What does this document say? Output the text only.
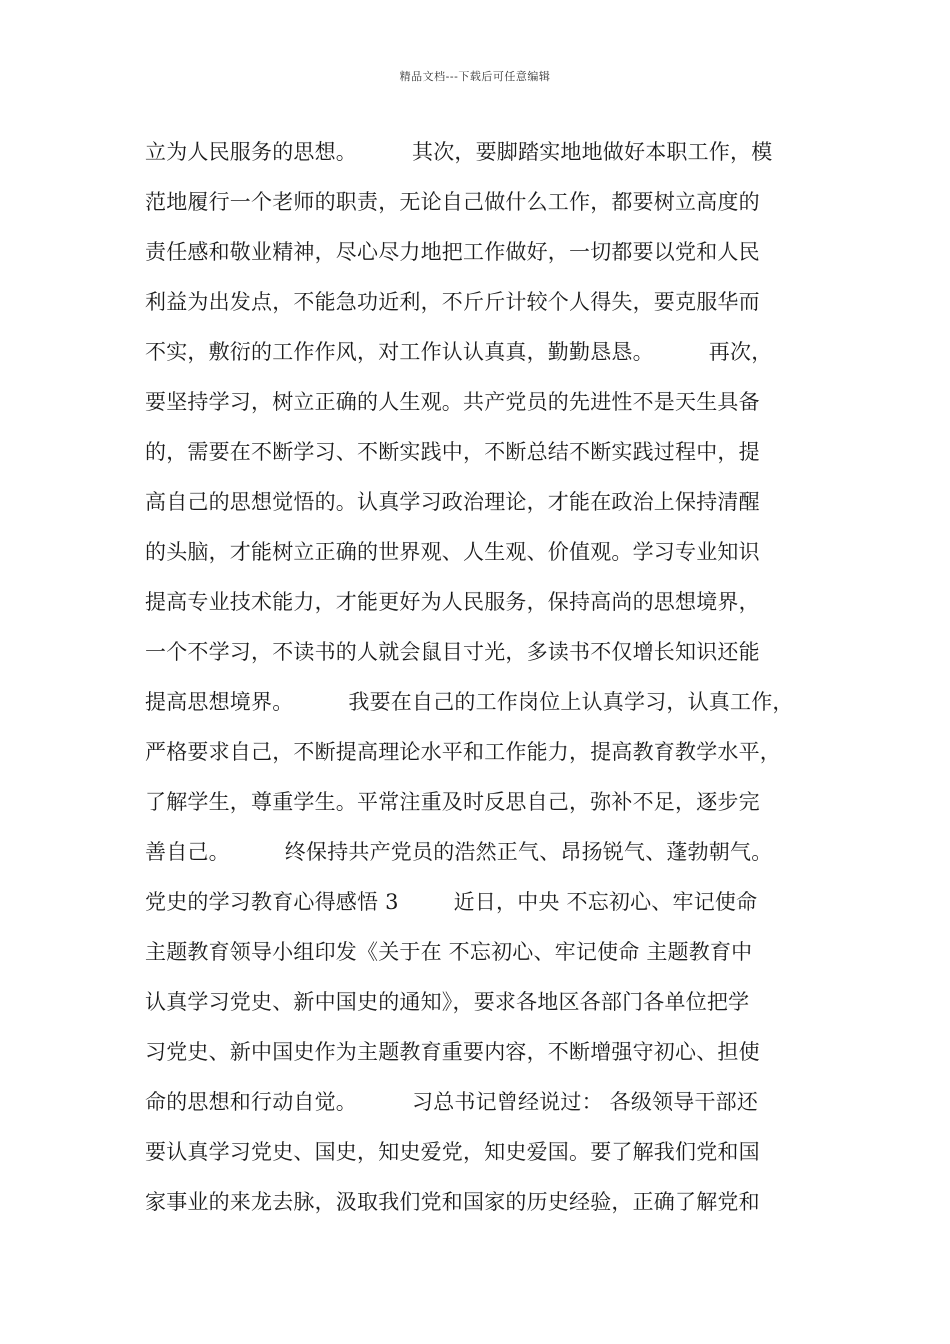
精品文档---下载后可任意编辑
立为人民服务的思想。        其次，要脚踏实地地做好本职工作，模
范地履行一个老师的职责，无论自己做什么工作，都要树立高度的
责任感和敬业精神，尽心尽力地把工作做好，一切都要以党和人民
利益为出发点，不能急功近利，不斤斤计较个人得失，要克服华而
不实，敷衍的工作作风，对工作认认真真，勤勤恳恳。        再次，
要坚持学习，树立正确的人生观。共产党员的先进性不是天生具备
的，需要在不断学习、不断实践中，不断总结不断实践过程中，提
高自己的思想觉悟的。认真学习政治理论，才能在政治上保持清醒
的头脑，才能树立正确的世界观、人生观、价值观。学习专业知识
提高专业技术能力，才能更好为人民服务，保持高尚的思想境界，
一个不学习，不读书的人就会鼠目寸光，多读书不仅增长知识还能
提高思想境界。        我要在自己的工作岗位上认真学习，认真工作，
严格要求自己，不断提高理论水平和工作能力，提高教育教学水平，
了解学生，尊重学生。平常注重及时反思自己，弥补不足，逐步完
善自己。        终保持共产党员的浩然正气、昂扬锐气、蓬勃朝气。
党史的学习教育心得感悟 3        近日，中央 不忘初心、牢记使命
主题教育领导小组印发《关于在 不忘初心、牢记使命 主题教育中
认真学习党史、新中国史的通知》，要求各地区各部门各单位把学
习党史、新中国史作为主题教育重要内容，不断增强守初心、担使
命的思想和行动自觉。        习总书记曾经说过： 各级领导干部还
要认真学习党史、国史，知史爱党，知史爱国。要了解我们党和国
家事业的来龙去脉，汲取我们党和国家的历史经验，正确了解党和
